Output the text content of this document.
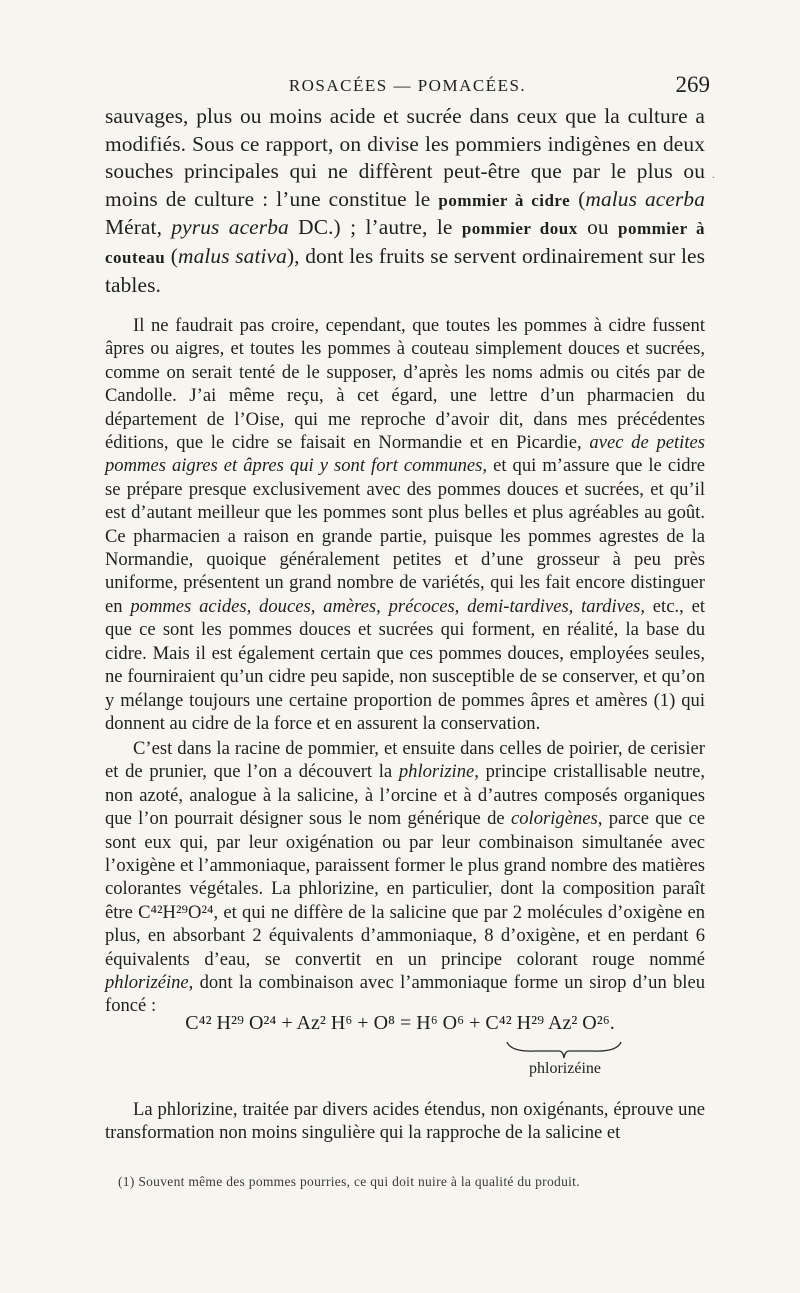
ROSACÉES — POMACÉES.	269

sauvages, plus ou moins acide et sucrée dans ceux que la culture a modifiés. Sous ce rapport, on divise les pommiers indigènes en deux souches principales qui ne diffèrent peut-être que par le plus ou moins de culture : l’une constitue le pommier à cidre (malus acerba Mérat, pyrus acerba DC.) ; l’autre, le pommier doux ou pommier à couteau (malus sativa), dont les fruits se servent ordinairement sur les tables.

Il ne faudrait pas croire, cependant, que toutes les pommes à cidre fussent âpres ou aigres, et toutes les pommes à couteau simplement douces et sucrées, comme on serait tenté de le supposer, d’après les noms admis ou cités par de Candolle. J’ai même reçu, à cet égard, une lettre d’un pharmacien du département de l’Oise, qui me reproche d’avoir dit, dans mes précédentes éditions, que le cidre se faisait en Normandie et en Picardie, avec de petites pommes aigres et âpres qui y sont fort communes, et qui m’assure que le cidre se prépare presque exclusivement avec des pommes douces et sucrées, et qu’il est d’autant meilleur que les pommes sont plus belles et plus agréables au goût. Ce pharmacien a raison en grande partie, puisque les pommes agrestes de la Normandie, quoique généralement petites et d’une grosseur à peu près uniforme, présentent un grand nombre de variétés, qui les fait encore distinguer en pommes acides, douces, amères, précoces, demi-tardives, tardives, etc., et que ce sont les pommes douces et sucrées qui forment, en réalité, la base du cidre. Mais il est également certain que ces pommes douces, employées seules, ne fourniraient qu’un cidre peu sapide, non susceptible de se conserver, et qu’on y mélange toujours une certaine proportion de pommes âpres et amères (1) qui donnent au cidre de la force et en assurent la conservation.

C’est dans la racine de pommier, et ensuite dans celles de poirier, de cerisier et de prunier, que l’on a découvert la phlorizine, principe cristallisable neutre, non azoté, analogue à la salicine, à l’orcine et à d’autres composés organiques que l’on pourrait désigner sous le nom générique de colorigènes, parce que ce sont eux qui, par leur oxigénation ou par leur combinaison simultanée avec l’oxigène et l’ammoniaque, paraissent former le plus grand nombre des matières colorantes végétales. La phlorizine, en particulier, dont la composition paraît être C⁴²H²⁹O²⁴, et qui ne diffère de la salicine que par 2 molécules d’oxigène en plus, en absorbant 2 équivalents d’ammoniaque, 8 d’oxigène, et en perdant 6 équivalents d’eau, se convertit en un principe colorant rouge nommé phlorizéine, dont la combinaison avec l’ammoniaque forme un sirop d’un bleu foncé :

C⁴² H²⁹ O²⁴ + Az² H⁶ + O⁸ = H⁶ O⁶ + C⁴² H²⁹ Az² O²⁶.
phlorizéine

La phlorizine, traitée par divers acides étendus, non oxigénants, éprouve une transformation non moins singulière qui la rapproche de la salicine et

(1) Souvent même des pommes pourries, ce qui doit nuire à la qualité du produit.
.
